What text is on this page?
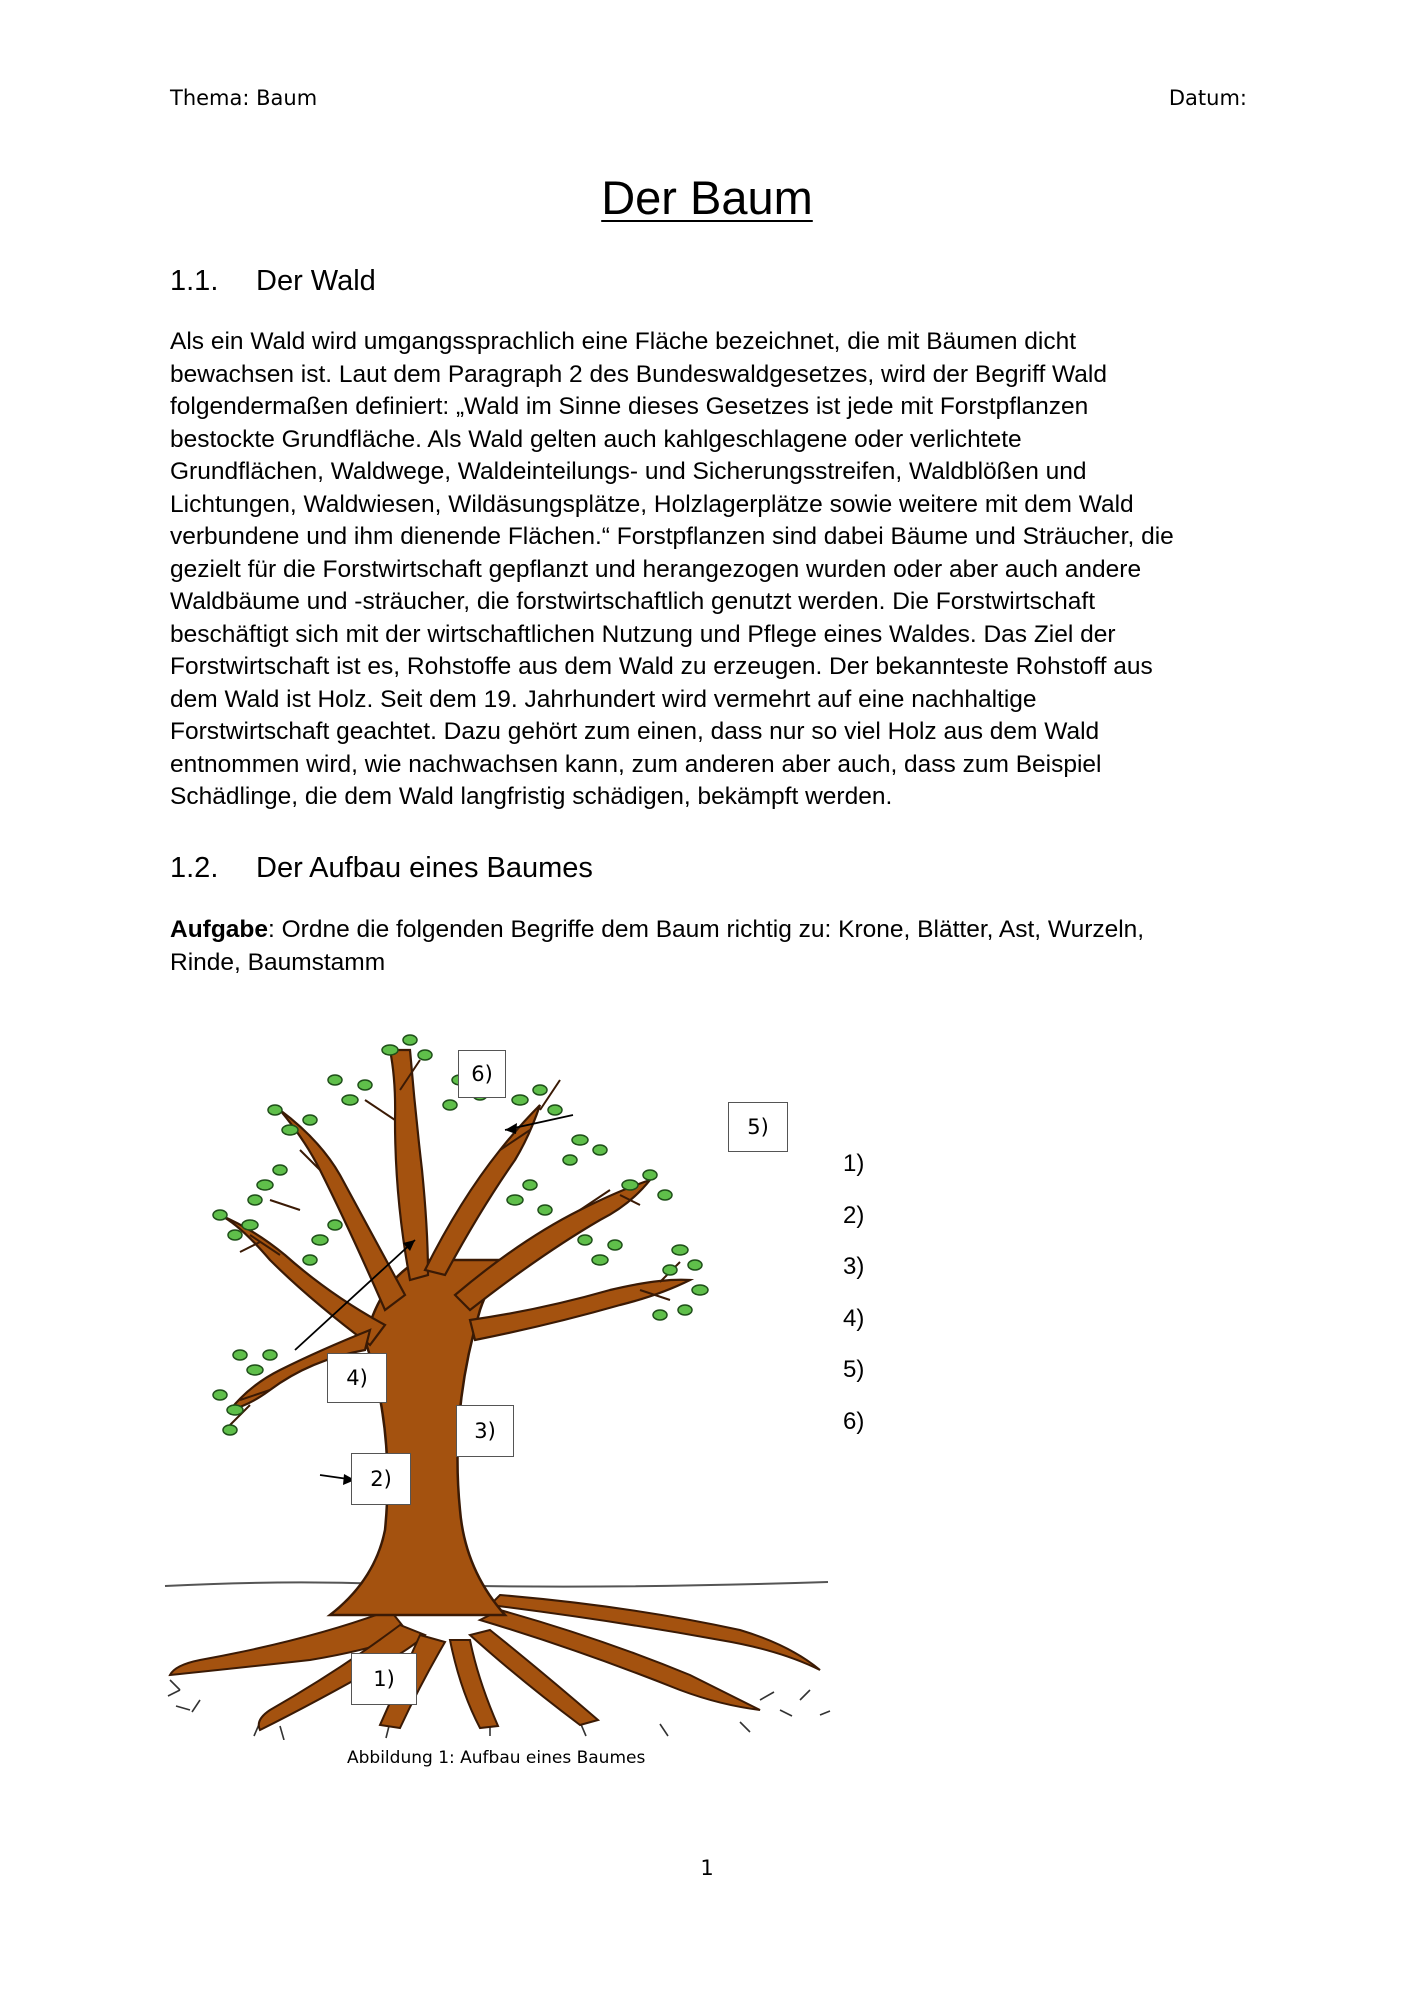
Thema: Baum	Datum:
Der Baum
1.1. Der Wald
Als ein Wald wird umgangssprachlich eine Fläche bezeichnet, die mit Bäumen dicht
bewachsen ist. Laut dem Paragraph 2 des Bundeswaldgesetzes, wird der Begriff Wald
folgendermaßen definiert: „Wald im Sinne dieses Gesetzes ist jede mit Forstpflanzen
bestockte Grundfläche. Als Wald gelten auch kahlgeschlagene oder verlichtete
Grundflächen, Waldwege, Waldeinteilungs- und Sicherungsstreifen, Waldblößen und
Lichtungen, Waldwiesen, Wildäsungsplätze, Holzlagerplätze sowie weitere mit dem Wald
verbundene und ihm dienende Flächen.“ Forstpflanzen sind dabei Bäume und Sträucher, die
gezielt für die Forstwirtschaft gepflanzt und herangezogen wurden oder aber auch andere
Waldbäume und -sträucher, die forstwirtschaftlich genutzt werden. Die Forstwirtschaft
beschäftigt sich mit der wirtschaftlichen Nutzung und Pflege eines Waldes. Das Ziel der
Forstwirtschaft ist es, Rohstoffe aus dem Wald zu erzeugen. Der bekannteste Rohstoff aus
dem Wald ist Holz. Seit dem 19. Jahrhundert wird vermehrt auf eine nachhaltige
Forstwirtschaft geachtet. Dazu gehört zum einen, dass nur so viel Holz aus dem Wald
entnommen wird, wie nachwachsen kann, zum anderen aber auch, dass zum Beispiel
Schädlinge, die dem Wald langfristig schädigen, bekämpft werden.
1.2. Der Aufbau eines Baumes
Aufgabe: Ordne die folgenden Begriffe dem Baum richtig zu: Krone, Blätter, Ast, Wurzeln,
Rinde, Baumstamm
6)
5)
4)
3)
2)
1)
1)
2)
3)
4)
5)
6)
Abbildung 1: Aufbau eines Baumes
1
